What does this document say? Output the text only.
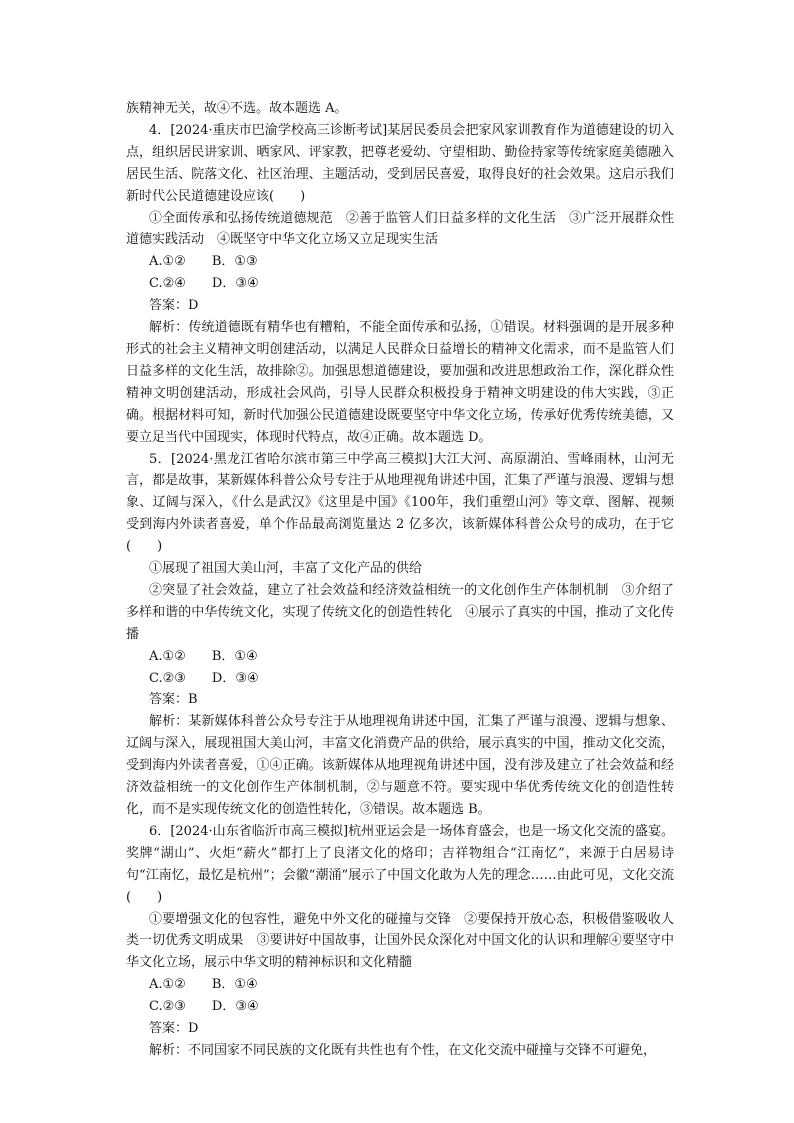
族精神无关，故④不选。故本题选 A。

4．[2024·重庆市巴渝学校高三诊断考试]某居民委员会把家风家训教育作为道德建设的切入点，组织居民讲家训、晒家风、评家教，把尊老爱幼、守望相助、勤俭持家等传统家庭美德融入居民生活、院落文化、社区治理、主题活动，受到居民喜爱，取得良好的社会效果。这启示我们新时代公民道德建设应该(　　)

①全面传承和弘扬传统道德规范　②善于监管人们日益多样的文化生活　③广泛开展群众性道德实践活动　④既坚守中华文化立场又立足现实生活

A.①②　　B．①③

C.②④　　D．③④

答案：D

解析：传统道德既有精华也有糟粕，不能全面传承和弘扬，①错误。材料强调的是开展多种形式的社会主义精神文明创建活动，以满足人民群众日益增长的精神文化需求，而不是监管人们日益多样的文化生活，故排除②。加强思想道德建设，要加强和改进思想政治工作，深化群众性精神文明创建活动，形成社会风尚，引导人民群众积极投身于精神文明建设的伟大实践，③正确。根据材料可知，新时代加强公民道德建设既要坚守中华文化立场，传承好优秀传统美德，又要立足当代中国现实，体现时代特点，故④正确。故本题选 D。

5．[2024·黑龙江省哈尔滨市第三中学高三模拟]大江大河、高原湖泊、雪峰雨林，山河无言，都是故事，某新媒体科普公众号专注于从地理视角讲述中国，汇集了严谨与浪漫、逻辑与想象、辽阔与深入，《什么是武汉》《这里是中国》《100年，我们重塑山河》等文章、图解、视频受到海内外读者喜爱，单个作品最高浏览量达 2 亿多次，该新媒体科普公众号的成功，在于它(　　)

①展现了祖国大美山河，丰富了文化产品的供给

②突显了社会效益，建立了社会效益和经济效益相统一的文化创作生产体制机制　③介绍了多样和谐的中华传统文化，实现了传统文化的创造性转化　④展示了真实的中国，推动了文化传播

A.①②　　B．①④

C.②③　　D．③④

答案：B

解析：某新媒体科普公众号专注于从地理视角讲述中国，汇集了严谨与浪漫、逻辑与想象、辽阔与深入，展现祖国大美山河，丰富文化消费产品的供给，展示真实的中国，推动文化交流，受到海内外读者喜爱，①④正确。该新媒体从地理视角讲述中国，没有涉及建立了社会效益和经济效益相统一的文化创作生产体制机制，②与题意不符。要实现中华优秀传统文化的创造性转化，而不是实现传统文化的创造性转化，③错误。故本题选 B。

6．[2024·山东省临沂市高三模拟]杭州亚运会是一场体育盛会，也是一场文化交流的盛宴。奖牌“湖山”、火炬“薪火”都打上了良渚文化的烙印；吉祥物组合“江南忆”，来源于白居易诗句“江南忆，最忆是杭州”；会徽“潮涌”展示了中国文化敢为人先的理念……由此可见，文化交流(　　)

①要增强文化的包容性，避免中外文化的碰撞与交锋　②要保持开放心态，积极借鉴吸收人类一切优秀文明成果　③要讲好中国故事，让国外民众深化对中国文化的认识和理解④要坚守中华文化立场，展示中华文明的精神标识和文化精髓

A.①②　　B．①④

C.②③　　D．③④

答案：D

解析：不同国家不同民族的文化既有共性也有个性，在文化交流中碰撞与交锋不可避免，
